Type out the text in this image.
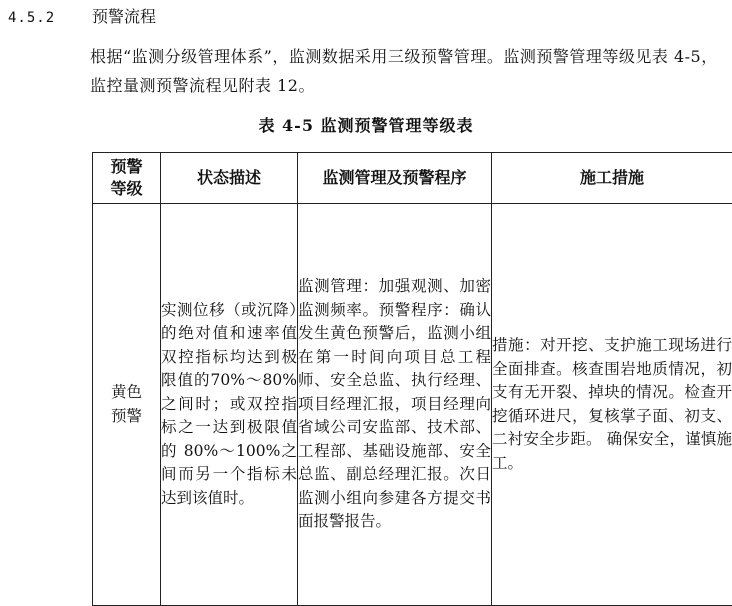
4.5.2 预警流程
根据“监测分级管理体系”，监测数据采用三级预警管理。监测预警管理等级见表 4-5，监控量测预警流程见附表 12。
表 4-5 监测预警管理等级表
预警等级	状态描述	监测管理及预警程序	施工措施
黄色预警	实测位移（或沉降）的绝对值和速率值双控指标均达到极限值的70%～80%之间时；或双控指标之一达到极限值的 80%～100%之间而另一个指标未达到该值时。	监测管理：加强观测、加密监测频率。预警程序：确认发生黄色预警后，监测小组在第一时间向项目总工程师、安全总监、执行经理、项目经理汇报，项目经理向省域公司安监部、技术部、工程部、基础设施部、安全总监、副总经理汇报。次日监测小组向参建各方提交书面报警报告。	措施：对开挖、支护施工现场进行全面排查。核查围岩地质情况，初支有无开裂、掉块的情况。检查开挖循环进尺，复核掌子面、初支、二衬安全步距。 确保安全，谨慎施工。
